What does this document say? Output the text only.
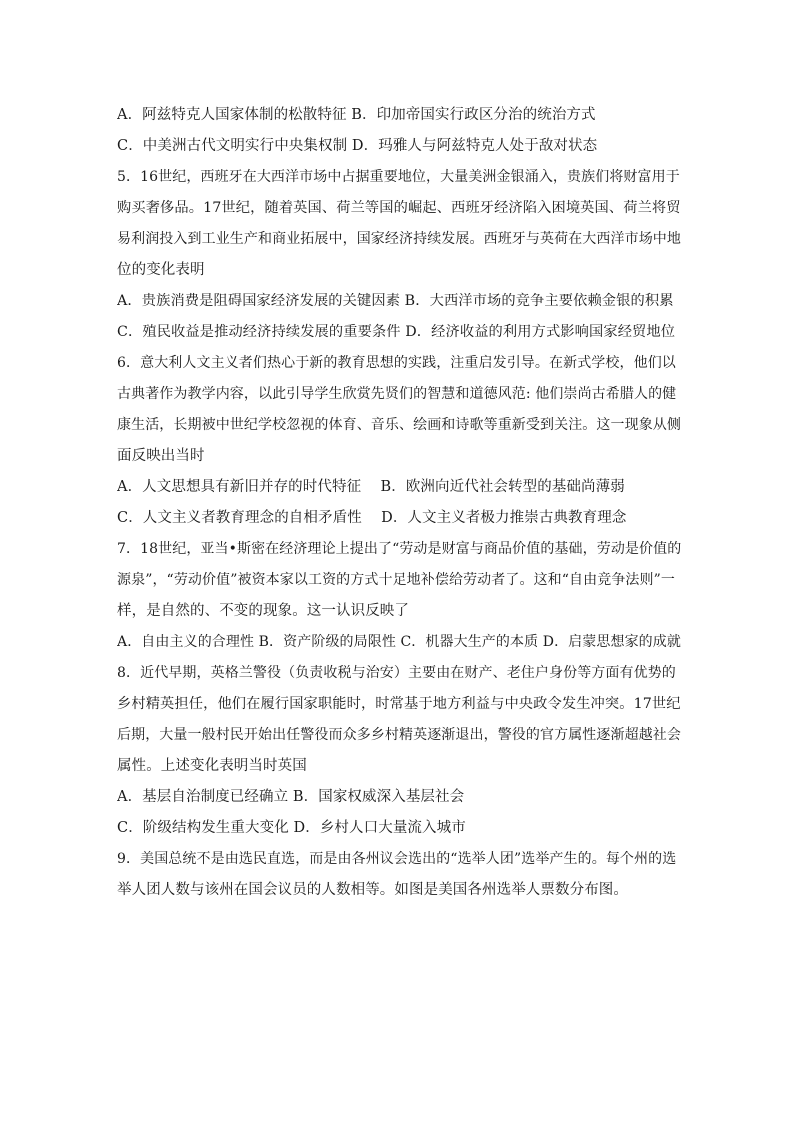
A．阿兹特克人国家体制的松散特征 B．印加帝国实行政区分治的统治方式
C．中美洲古代文明实行中央集权制 D．玛雅人与阿兹特克人处于敌对状态
5．16世纪，西班牙在大西洋市场中占据重要地位，大量美洲金银涌入，贵族们将财富用于
购买奢侈品。17世纪，随着英国、荷兰等国的崛起、西班牙经济陷入困境英国、荷兰将贸
易利润投入到工业生产和商业拓展中，国家经济持续发展。西班牙与英荷在大西洋市场中地
位的变化表明
A．贵族消费是阻碍国家经济发展的关键因素 B．大西洋市场的竞争主要依赖金银的积累
C．殖民收益是推动经济持续发展的重要条件 D．经济收益的利用方式影响国家经贸地位
6．意大利人文主义者们热心于新的教育思想的实践，注重启发引导。在新式学校，他们以
古典著作为教学内容，以此引导学生欣赏先贤们的智慧和道德风范: 他们崇尚古希腊人的健
康生活，长期被中世纪学校忽视的体育、音乐、绘画和诗歌等重新受到关注。这一现象从侧
面反映出当时
A．人文思想具有新旧并存的时代特征　 B．欧洲向近代社会转型的基础尚薄弱
C．人文主义者教育理念的自相矛盾性　 D．人文主义者极力推崇古典教育理念
7．18世纪，亚当•斯密在经济理论上提出了“劳动是财富与商品价值的基础，劳动是价值的
源泉”，“劳动价值”被资本家以工资的方式十足地补偿给劳动者了。这和“自由竞争法则”一
样，是自然的、不变的现象。这一认识反映了
A．自由主义的合理性 B．资产阶级的局限性 C．机器大生产的本质 D．启蒙思想家的成就
8．近代早期，英格兰警役（负责收税与治安）主要由在财产、老住户身份等方面有优势的
乡村精英担任，他们在履行国家职能时，时常基于地方利益与中央政令发生冲突。17世纪
后期，大量一般村民开始出任警役而众多乡村精英逐渐退出，警役的官方属性逐渐超越社会
属性。上述变化表明当时英国
A．基层自治制度已经确立 B．国家权威深入基层社会
C．阶级结构发生重大变化 D．乡村人口大量流入城市
9．美国总统不是由选民直选，而是由各州议会选出的“选举人团”选举产生的。每个州的选
举人团人数与该州在国会议员的人数相等。如图是美国各州选举人票数分布图。
